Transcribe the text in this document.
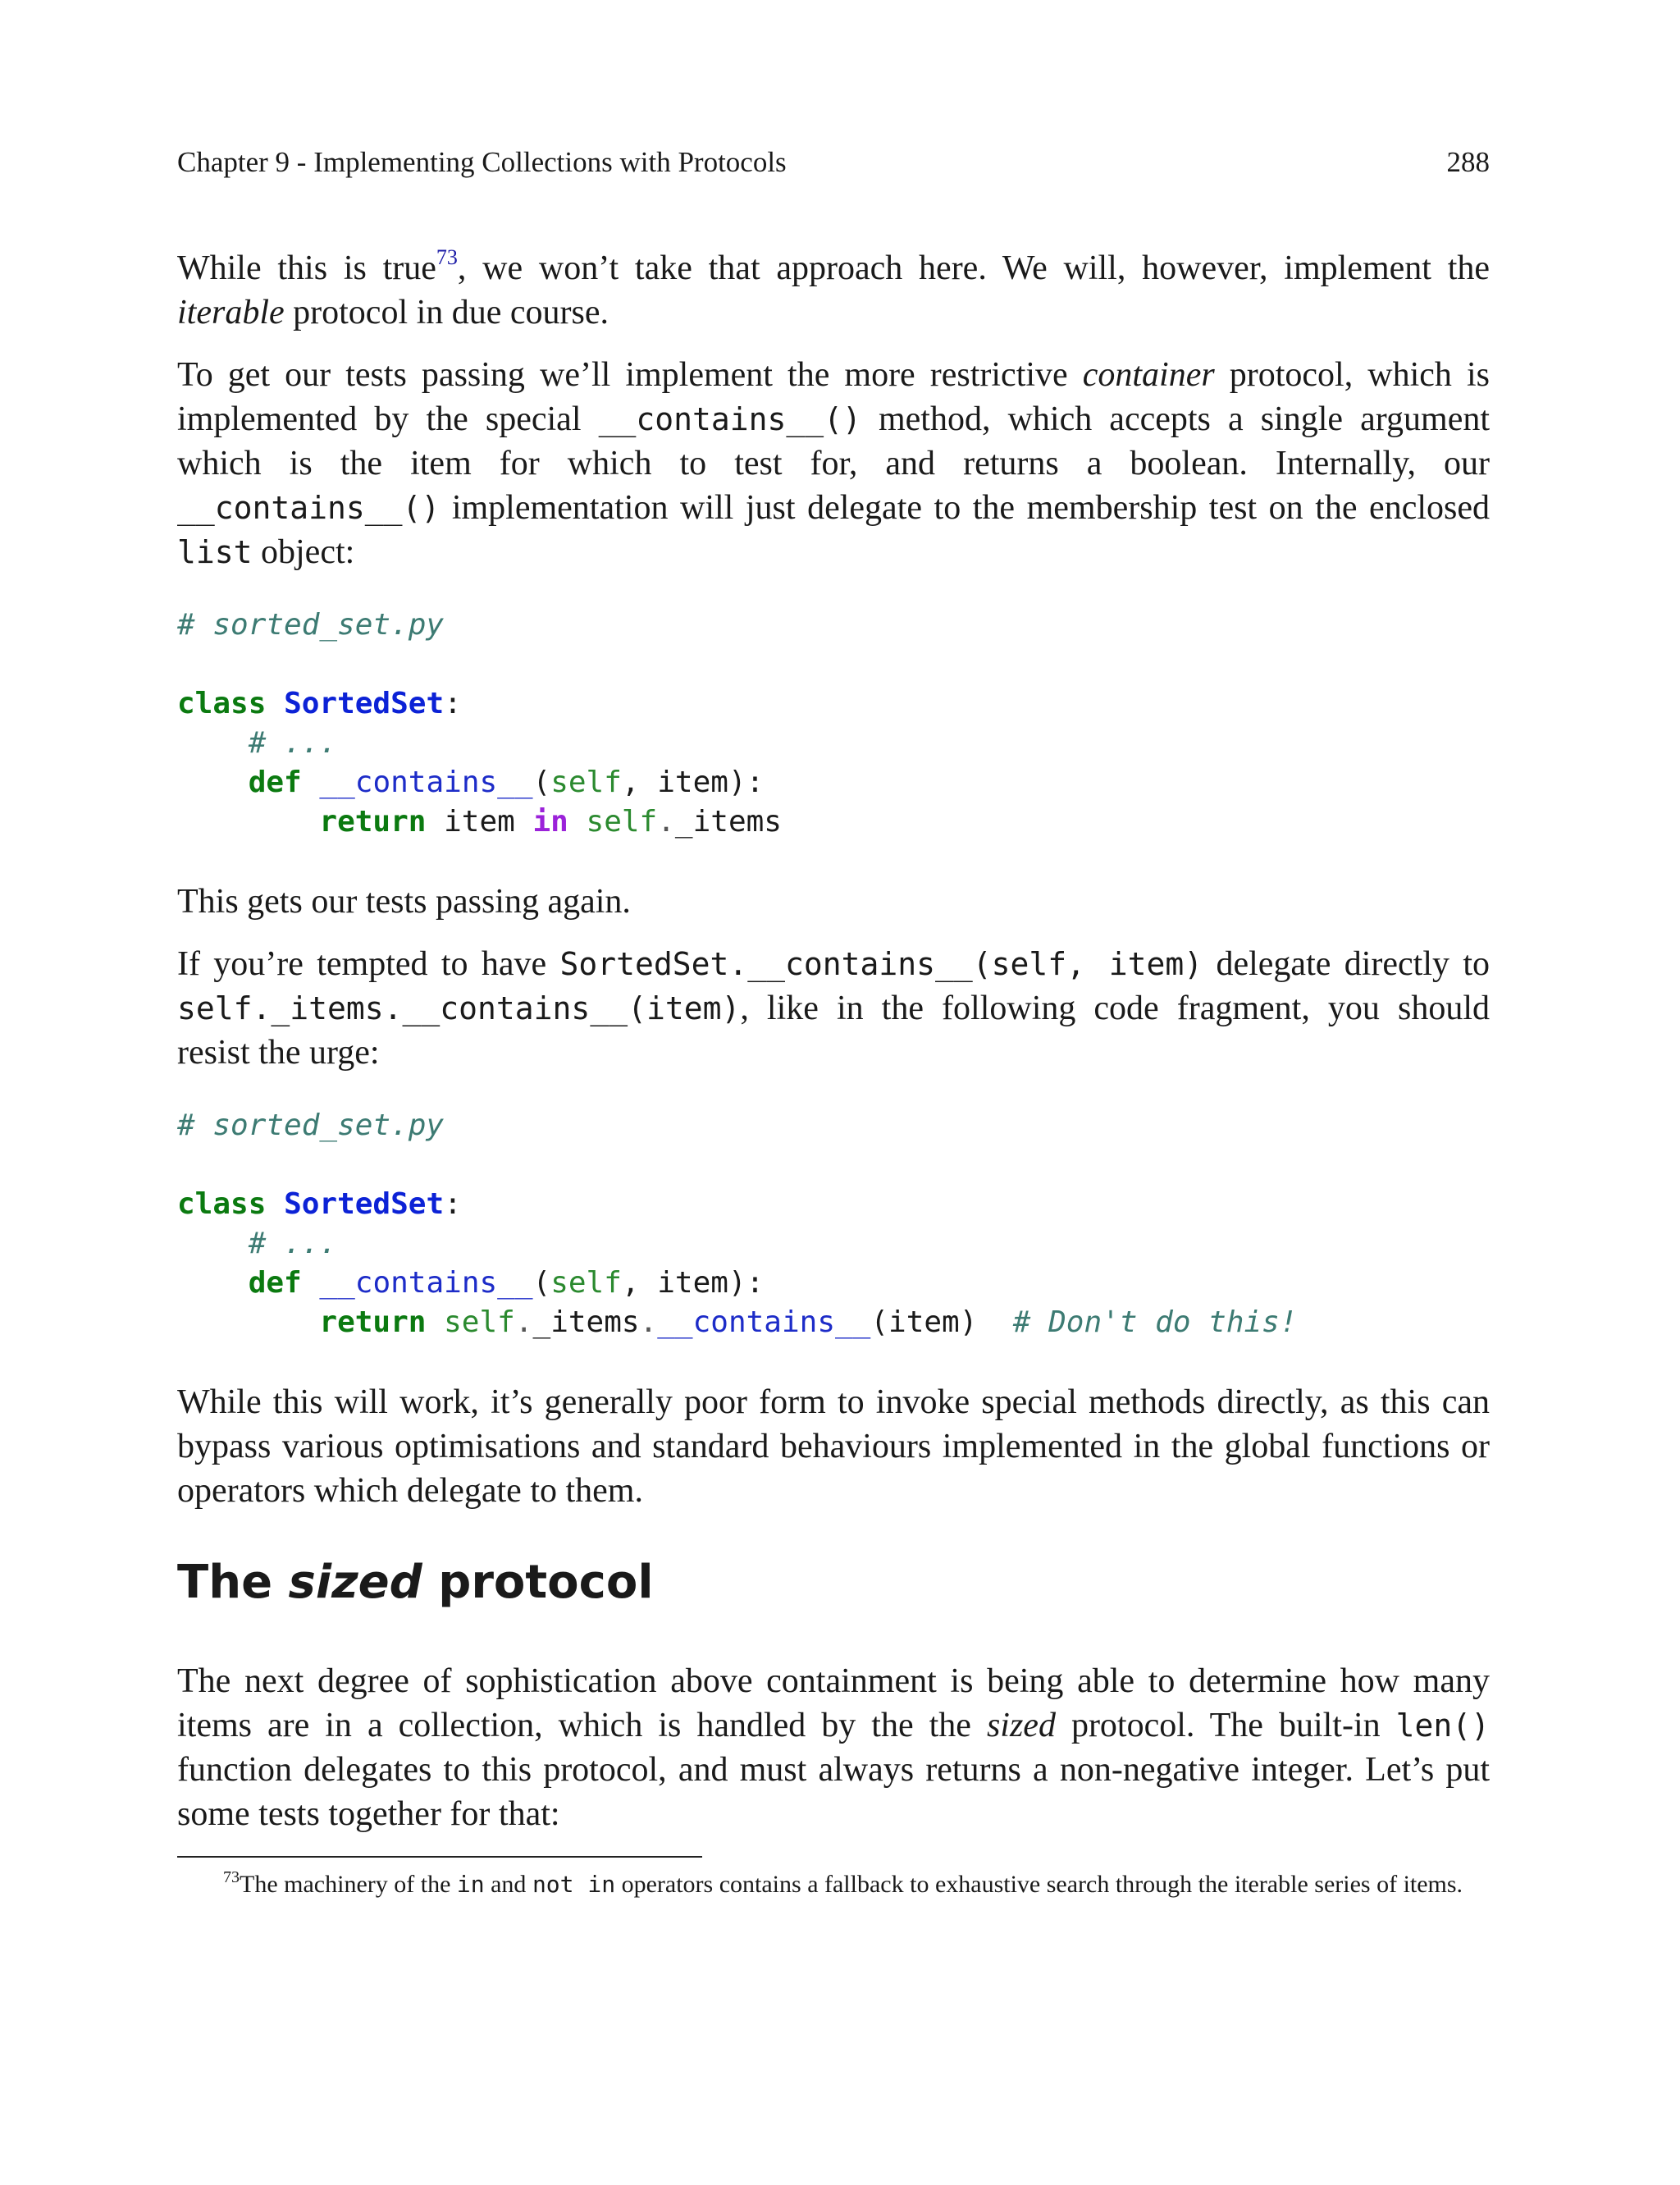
Chapter 9 - Implementing Collections with Protocols	288

While this is true$^{73}$, we won’t take that approach here. We will, however, implement the iterable protocol in due course.

To get our tests passing we’ll implement the more restrictive container protocol, which is implemented by the special __contains__() method, which accepts a single argument which is the item for which to test for, and returns a boolean. Internally, our __contains__() implementation will just delegate to the membership test on the enclosed list object:

# sorted_set.py

class SortedSet:
# ...
def __contains__(self, item):
return item in self._items

This gets our tests passing again.

If you’re tempted to have SortedSet.__contains__(self, item) delegate directly to self._items.__contains__(item), like in the following code fragment, you should resist the urge:

# sorted_set.py

class SortedSet:
# ...
def __contains__(self, item):
return self._items.__contains__(item) # Don't do this!

While this will work, it’s generally poor form to invoke special methods directly, as this can bypass various optimisations and standard behaviours implemented in the global functions or operators which delegate to them.

The sized protocol

The next degree of sophistication above containment is being able to determine how many items are in a collection, which is handled by the the sized protocol. The built-in len() function delegates to this protocol, and must always returns a non-negative integer. Let’s put some tests together for that:

$^{73}$The machinery of the in and not in operators contains a fallback to exhaustive search through the iterable series of items.
